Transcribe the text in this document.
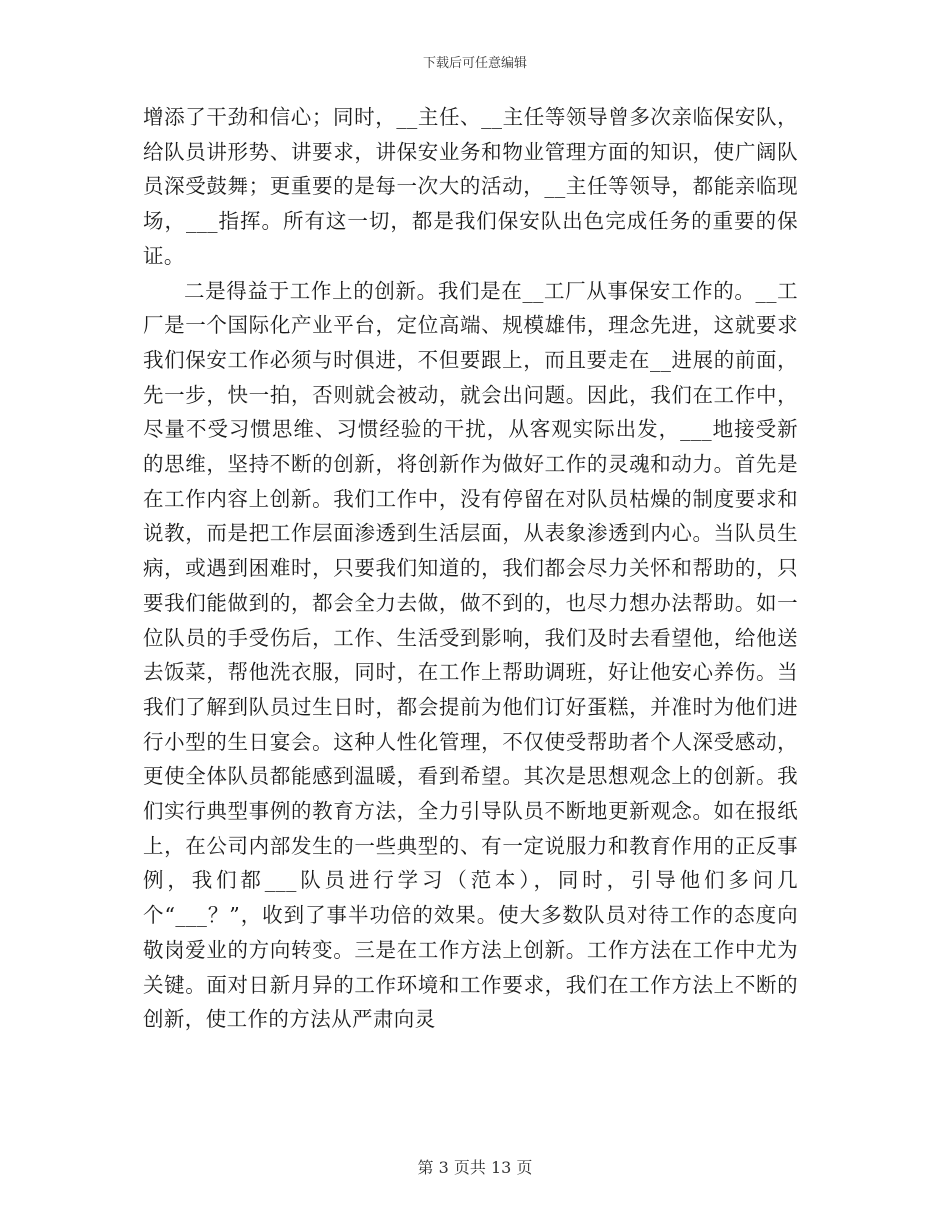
下载后可任意编辑

增添了干劲和信心；同时，__主任、__主任等领导曾多次亲临保安队，给队员讲形势、讲要求，讲保安业务和物业管理方面的知识，使广阔队员深受鼓舞；更重要的是每一次大的活动，__主任等领导，都能亲临现场，___指挥。所有这一切，都是我们保安队出色完成任务的重要的保证。

二是得益于工作上的创新。我们是在__工厂从事保安工作的。__工厂是一个国际化产业平台，定位高端、规模雄伟，理念先进，这就要求我们保安工作必须与时俱进，不但要跟上，而且要走在__进展的前面，先一步，快一拍，否则就会被动，就会出问题。因此，我们在工作中，尽量不受习惯思维、习惯经验的干扰，从客观实际出发，___地接受新的思维，坚持不断的创新，将创新作为做好工作的灵魂和动力。首先是在工作内容上创新。我们工作中，没有停留在对队员枯燥的制度要求和说教，而是把工作层面渗透到生活层面，从表象渗透到内心。当队员生病，或遇到困难时，只要我们知道的，我们都会尽力关怀和帮助的，只要我们能做到的，都会全力去做，做不到的，也尽力想办法帮助。如一位队员的手受伤后，工作、生活受到影响，我们及时去看望他，给他送去饭菜，帮他洗衣服，同时，在工作上帮助调班，好让他安心养伤。当我们了解到队员过生日时，都会提前为他们订好蛋糕，并准时为他们进行小型的生日宴会。这种人性化管理，不仅使受帮助者个人深受感动，更使全体队员都能感到温暖，看到希望。其次是思想观念上的创新。我们实行典型事例的教育方法，全力引导队员不断地更新观念。如在报纸上，在公司内部发生的一些典型的、有一定说服力和教育作用的正反事例，我们都___队员进行学习（范本），同时，引导他们多问几个“___？”，收到了事半功倍的效果。使大多数队员对待工作的态度向敬岗爱业的方向转变。三是在工作方法上创新。工作方法在工作中尤为关键。面对日新月异的工作环境和工作要求，我们在工作方法上不断的创新，使工作的方法从严肃向灵

第 3 页共 13 页
